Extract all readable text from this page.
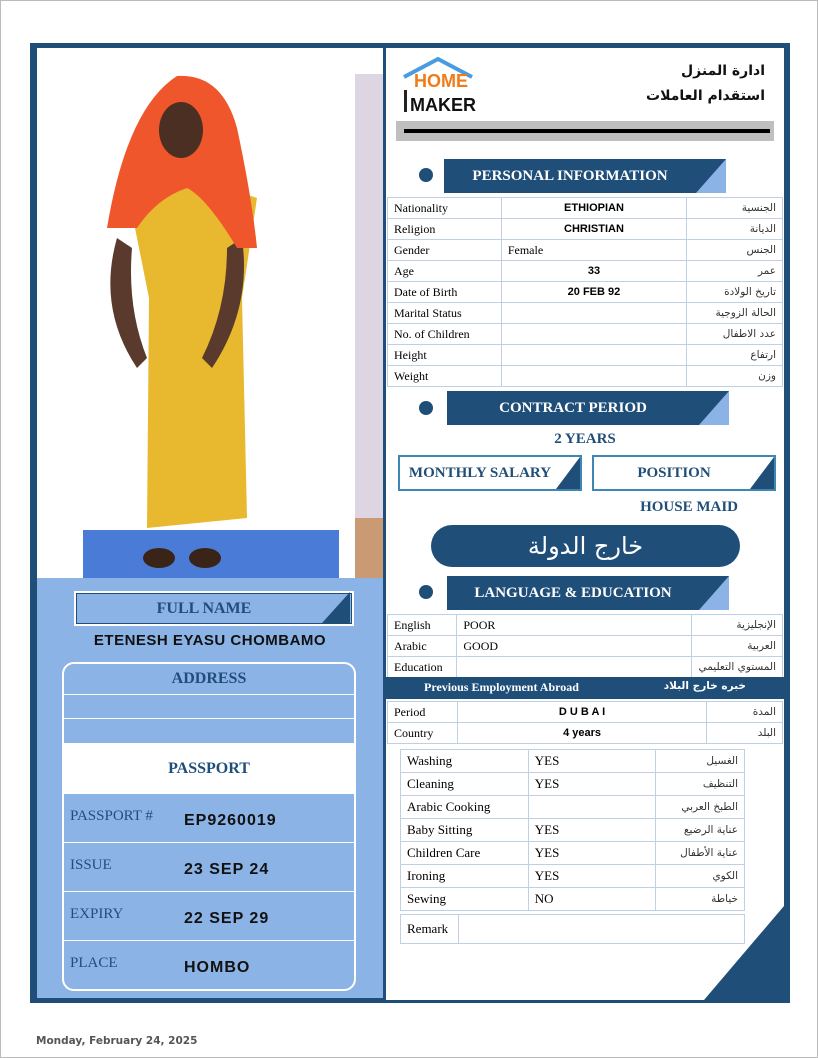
HOME
MAKER
ادارة المنزل
استقدام العاملات
PERSONAL INFORMATION
Nationality	ETHIOPIAN	الجنسية
Religion	CHRISTIAN	الديانة
Gender	Female	الجنس
Age	33	عمر
Date of Birth	20 FEB 92	تاريخ الولادة
Marital Status		الحالة الزوجية
No. of Children		عدد الاطفال
Height		ارتفاع
Weight		وزن
CONTRACT PERIOD
2 YEARS
MONTHLY SALARY	POSITION
HOUSE MAID
خارج الدولة
LANGUAGE & EDUCATION
English	POOR	الإنجليزية
Arabic	GOOD	العربية
Education		المستوي التعليمي
Previous Employment Abroad	خبره خارج البلاد
Period	D U B A I	المدة
Country	4 years	البلد
Washing	YES	الغسيل
Cleaning	YES	التنظيف
Arabic Cooking		الطبخ العربي
Baby Sitting	YES	عناية الرضيع
Children Care	YES	عناية الأطفال
Ironing	YES	الكوي
Sewing	NO	خياطة
Remark	
FULL NAME
ETENESH EYASU CHOMBAMO
ADDRESS
PASSPORT
PASSPORT # EP9260019
ISSUE	23 SEP 24
EXPIRY	22 SEP 29
PLACE	HOMBO
Monday, February 24, 2025
